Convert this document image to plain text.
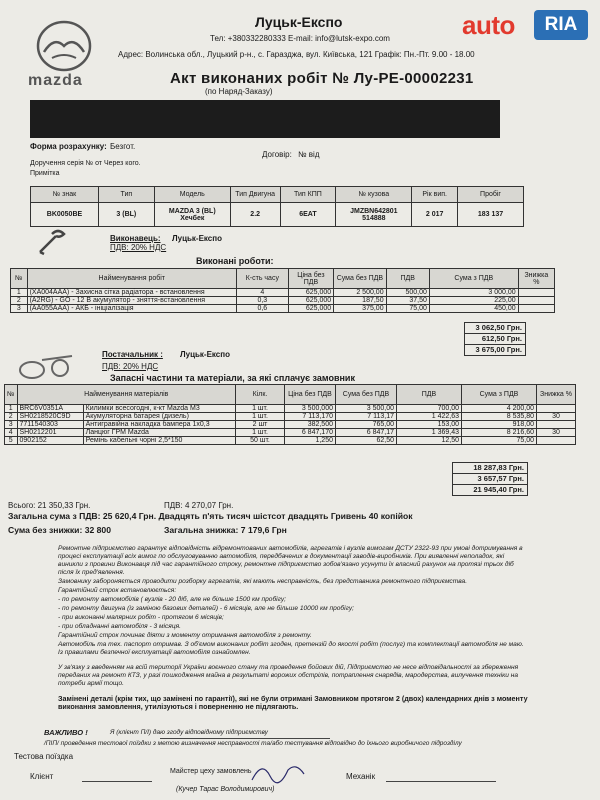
mazda
Луцьк-Експо
Тел: +380332280333 E-mail: info@lutsk-expo.com
Адрес: Волинська обл., Луцький р-н., с. Гаразджа, вул. Київська, 121 Графік: Пн.-Пт. 9.00 - 18.00
auto	RIA
Акт виконаних робіт № Лу-РЕ-00002231
(по Наряд-Заказу)
Форма розрахунку: Безгот.
Договір: № від
Доручення серія № от Через кого.
Примітка
№ знак	Тип	Модель	Тип Двигуна	Тип КПП	№ кузова	Рік вип.	Пробіг
BK0050BE	3 (BL)	MAZDA 3 (BL) Хечбек	2.2	6EAT	JMZBN642801 514888	2 017	183 137
Виконавець: Луцьк-Експо
ПДВ: 20% НДС
Виконані роботи:
№	Найменування робіт	К-сть часу	Ціна без ПДВ	Сума без ПДВ	ПДВ	Сума з ПДВ	Знижка %
1	(ХА004ААА) - Захисна сітка радіатора - встановлення	4	625,000	2 500,00	500,00	3 000,00	
2	(А2RG) - GO - 12 В акумулятор - зняття-встановлення	0,3	625,000	187,50	37,50	225,00	
3	(АА055ААА) - АКБ - ініціалізація	0,6	625,000	375,00	75,00	450,00	
3 062,50 Грн.
612,50 Грн.
3 675,00 Грн.
Постачальник : Луцьк-Експо
ПДВ: 20% НДС
Запасні частини та матеріали, за які сплачує замовник
№	Найменування матеріалів		Кілк.	Ціна без ПДВ	Сума без ПДВ	ПДВ	Сума з ПДВ	Знижка %
1	BRC6V0351A	Килимки всесогодні, к-кт Mazda M3	1 шт.	3 500,000	3 500,00	700,00	4 200,00	
2	SH0218520C9D	Акумуляторна батарея (дизель)	1 шт.	7 113,170	7 113,17	1 422,63	8 535,80	30
3	7711540303	Антигравійна накладка бампера 1х0,3	2 шт	382,500	765,00	153,00	918,00	
4	SH0212201	Ланцюг ГРМ Mazda	1 шт.	6 847,170	6 847,17	1 369,43	8 216,60	30
5	0902152	Ремінь кабельні чорні 2,5*150	50 шт.	1,250	62,50	12,50	75,00	
18 287,83 Грн.
3 657,57 Грн.
21 945,40 Грн.
Всього: 21 350,33 Грн.	ПДВ: 4 270,07 Грн.
Загальна сума з ПДВ: 25 620,4 Грн. Двадцять п'ять тисяч шістсот двадцять Гривень 40 копійок
Сума без знижки: 32 800	Загальна знижка: 7 179,6 Грн
Ремонтне підприємство гарантує відповідність відремонтованих автомобілів, агрегатів і вузлів вимогам ДСТУ 2322-93 при умові дотримування в процесі експлуатації всіх вимог по обслуговуванню автомобіля, передбачених в документації заводів-виробників. При виявленні неполадок, які виникли з провини Виконавця під час гарантійного строку, ремонтне підприємство зобов'язано усунути їх власний рахунок на протязі трьох діб після їх пред'явлення.
Замовнику забороняється проводити розборку агрегатів, які мають несправність, без представника ремонтного підприємства.
Гарантійний строк встановлюється:
- по ремонту автомобілів ( вузлів - 20 діб, але не більше 1500 км пробігу;
- по ремонту двигуна (із заміною базових деталей) - 6 місяців, але не більше 10000 км пробігу;
- при виконанні малярних робіт - протягом 6 місяців;
- при обладнанні автомобіля - 3 місяця.
Гарантійний строк починає діяти з моменту отримання автомобіля з ремонту.
Автомобіль та тех. паспорт отримав. З об'ємом виконаних робіт згоден, претензій до якості робіт (послуг) та комплектації автомобіля не маю. Із правилами безпечної експлуатації автомобіля ознайомлен.
У зв'язку з введенням на всій території України воєнного стану та проведення бойових дій, Підприємство не несе відповідальності за збереження переданих на ремонт КТЗ, у разі пошкодження майна в результаті ворожих обстрілів, потраплення снарядів, мародерства, вилучення техніки на потреби армії тощо.
Замінені деталі (крім тих, що замінені по гарантії), які не були отримані Замовником протягом 2 (двох) календарних днів з моменту виконання замовлення, утилізуються і поверненню не підлягають.
ВАЖЛИВО !	Я (клієнт П/І) даю згоду відповідному підприємству
/ПІП/ проведення тестової поїздки з метою визначення несправності та/або тестування відповідно до їхнього виробничого підрозділу
Тестова поїздка
Клієнт
Майстер цеху замовлень
(Кучер Тарас Володимирович)
Механік
